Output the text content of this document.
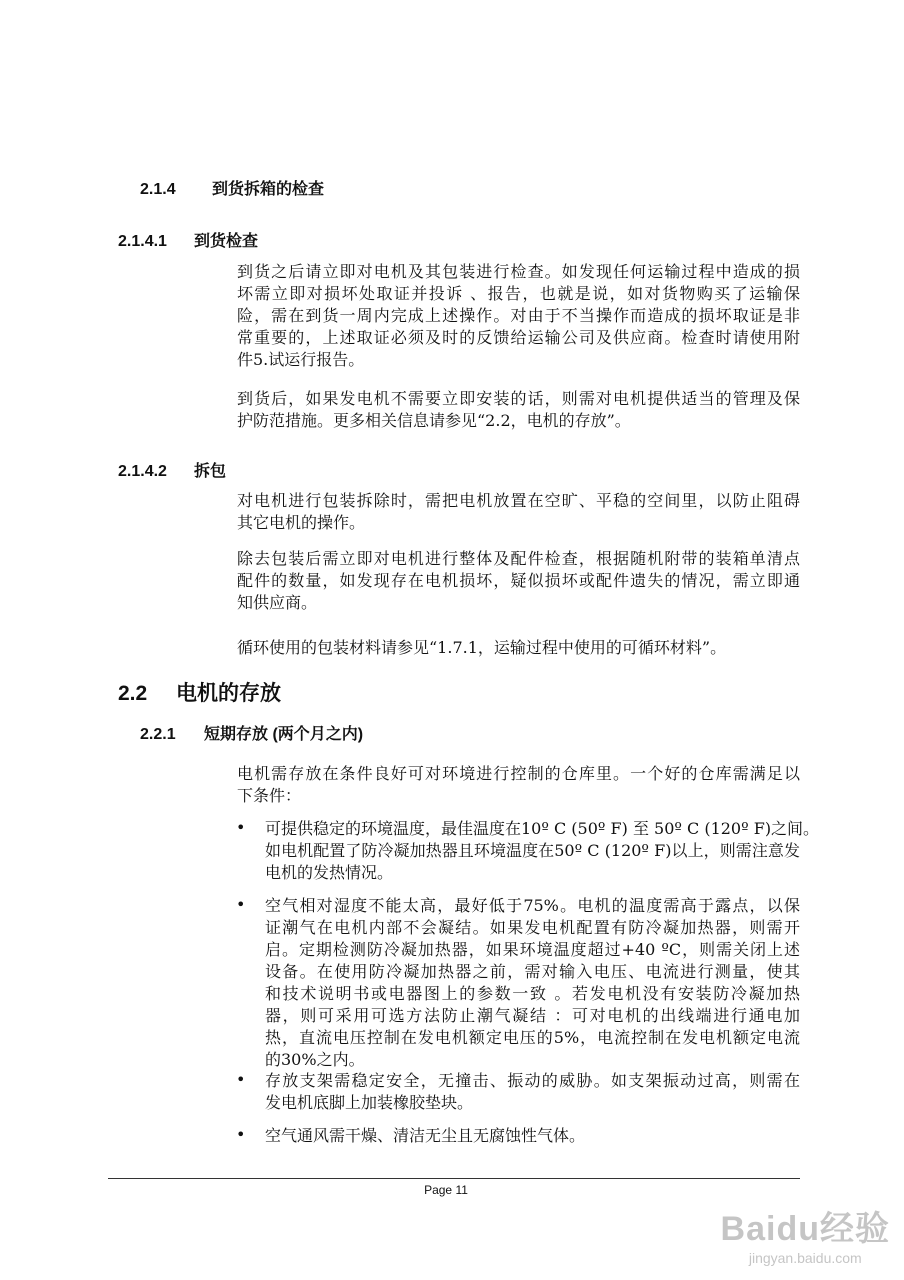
2.1.4 到货拆箱的检查
2.1.4.1 到货检查
2.1.4.2 拆包
2.2 电机的存放
2.2.1 短期存放 (两个月之内)
到货之后请立即对电机及其包装进行检查。如发现任何运输过程中造成的损
坏需立即对损坏处取证并投诉 、报告，也就是说，如对货物购买了运输保
险，需在到货一周内完成上述操作。对由于不当操作而造成的损坏取证是非
常重要的，上述取证必须及时的反馈给运输公司及供应商。检查时请使用附
件5.试运行报告。
到货后，如果发电机不需要立即安装的话，则需对电机提供适当的管理及保
护防范措施。更多相关信息请参见“2.2，电机的存放”。
对电机进行包装拆除时，需把电机放置在空旷、平稳的空间里，以防止阻碍
其它电机的操作。
除去包装后需立即对电机进行整体及配件检查，根据随机附带的装箱单清点
配件的数量，如发现存在电机损坏，疑似损坏或配件遗失的情况，需立即通
知供应商。
循环使用的包装材料请参见“1.7.1，运输过程中使用的可循环材料”。
电机需存放在条件良好可对环境进行控制的仓库里。一个好的仓库需满足以
下条件：
• 可提供稳定的环境温度，最佳温度在10º C (50º F) 至 50º C (120º F)之间。
如电机配置了防冷凝加热器且环境温度在50º C (120º F)以上，则需注意发
电机的发热情况。
• 空气相对湿度不能太高，最好低于75%。电机的温度需高于露点，以保
证潮气在电机内部不会凝结。如果发电机配置有防冷凝加热器，则需开
启。定期检测防冷凝加热器，如果环境温度超过+40 ºC，则需关闭上述
设备。在使用防冷凝加热器之前，需对输入电压、电流进行测量，使其
和技术说明书或电器图上的参数一致 。若发电机没有安装防冷凝加热
器，则可采用可选方法防止潮气凝结 ：可对电机的出线端进行通电加
热，直流电压控制在发电机额定电压的5%，电流控制在发电机额定电流
的30%之内。
• 存放支架需稳定安全，无撞击、振动的威胁。如支架振动过高，则需在
发电机底脚上加装橡胶垫块。
• 空气通风需干燥、清洁无尘且无腐蚀性气体。
Page 11
Baidu经验
jingyan.baidu.com
